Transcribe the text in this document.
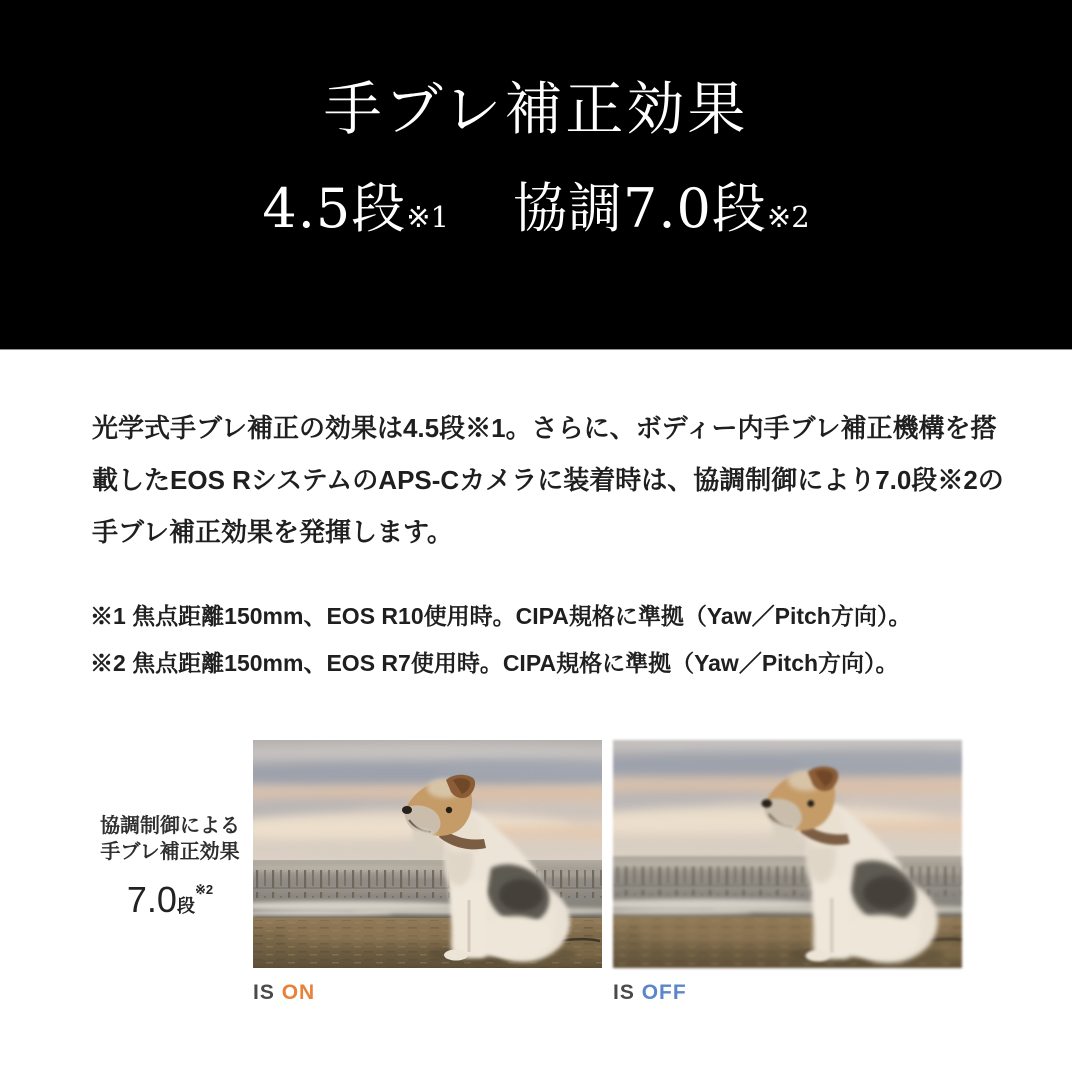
手ブレ補正効果
4.5段※1 協調7.0段※2

光学式手ブレ補正の効果は4.5段※1。さらに、ボディー内手ブレ補正機構を搭載したEOS RシステムのAPS-Cカメラに装着時は、協調制御により7.0段※2の手ブレ補正効果を発揮します。

※1 焦点距離150mm、EOS R10使用時。CIPA規格に準拠（Yaw／Pitch方向）。

※2 焦点距離150mm、EOS R7使用時。CIPA規格に準拠（Yaw／Pitch方向）。

協調制御による
手ブレ補正効果
7.0段$^{※2}$
IS ON	IS OFF
